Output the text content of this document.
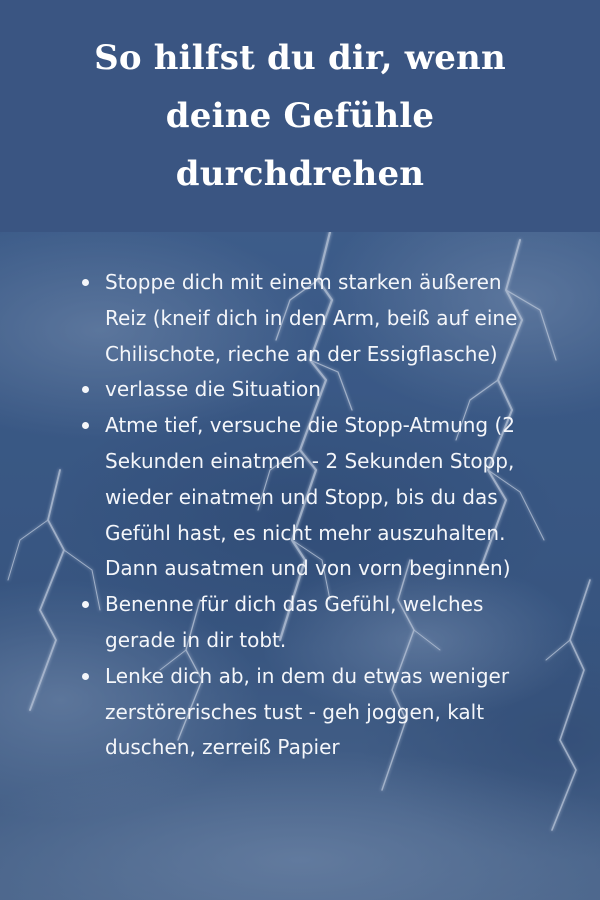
So hilfst du dir, wenn deine Gefühle durchdrehen
Stoppe dich mit einem starken äußeren Reiz (kneif dich in den Arm, beiß auf eine Chilischote, rieche an der Essigflasche)
verlasse die Situation
Atme tief, versuche die Stopp-Atmung (2 Sekunden einatmen - 2 Sekunden Stopp, wieder einatmen und Stopp, bis du das Gefühl hast, es nicht mehr auszuhalten. Dann ausatmen und von vorn beginnen)
Benenne für dich das Gefühl, welches gerade in dir tobt.
Lenke dich ab, in dem du etwas weniger zerstörerisches tust - geh joggen, kalt duschen, zerreiß Papier
